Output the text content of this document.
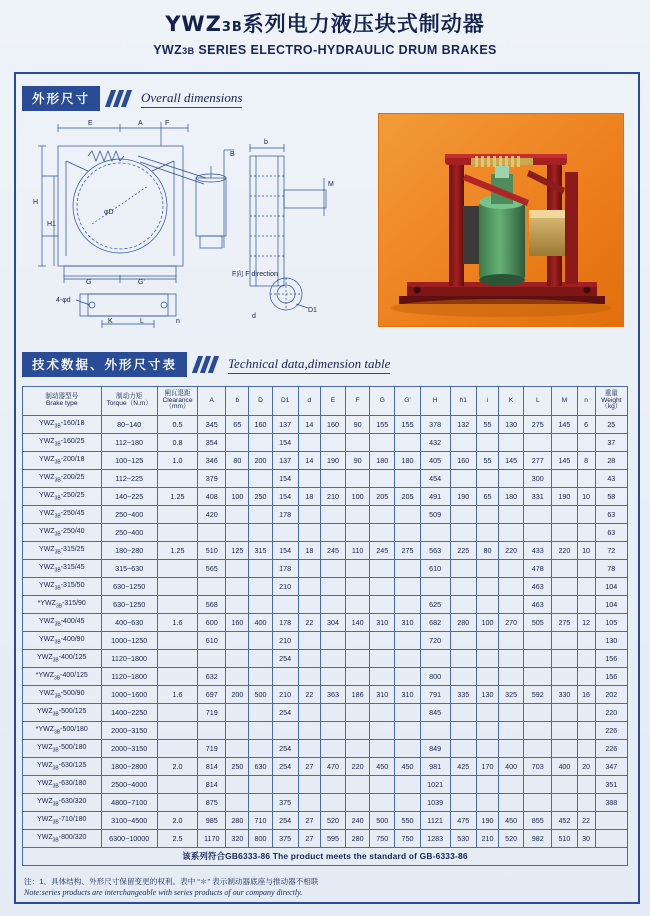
YWZ3B系列电力液压块式制动器
YWZ3B SERIES ELECTRO-HYDRAULIC DRUM BRAKES
外形尺寸	Overall dimensions
E	A	F
B
H
H1
φD
G	G'
4-φd
K	L	n
b
M
F向 F direction
D1
d
技术数据、外形尺寸表	Technical data,dimension table
制动器型号
Brake type	制动力矩
Torque（N.m）	闸瓦退距
Clearance（mm）	A	b	D	D1	d	E	F	G	G'	H	h1	i	K	L	M	n	重量
Weight（kg）

$YWZ_{3B}-160/18$	80~140	0.5	345	65	160	137	14	160	90	155	155	378	132	55	130	275	145	6	25
$YWZ_{3B}-160/25$	112~180	0.8	354			154						432							37
$YWZ_{3B}-200/18$	100~125	1.0	346	80	200	137	14	190	90	180	180	405	160	55	145	277	145	8	28
$YWZ_{3B}-200/25$	112~225		379			154						454				300			43
$YWZ_{3B}-250/25$	140~225	1.25	408	100	250	154	18	210	100	205	205	491	190	65	180	331	190	10	58
$YWZ_{3B}-250/45$	250~400		420			178						509							63
$YWZ_{3B}-250/40$	250~400																		63
$YWZ_{3B}-315/25$	180~280	1.25	510	125	315	154	18	245	110	245	275	563	225	80	220	433	220	10	72
$YWZ_{3B}-315/45$	315~630		565			178						610				478			78
$YWZ_{3B}-315/50$	630~1250					210										463			104
$*YWZ_{3B}-315/90$	630~1250		568									625				463			104
$YWZ_{3B}-400/45$	400~630	1.6	600	160	400	178	22	304	140	310	310	682	280	100	270	505	275	12	105
$YWZ_{3B}-400/90$	1000~1250		610			210						720							130
$YWZ_{3B}-400/125$	1120~1800					254													156
$*YWZ_{3B}-400/125$	1120~1800		632									800							156
$YWZ_{3B}-500/90$	1000~1600	1.6	697	200	500	210	22	363	186	310	310	791	335	130	325	592	330	16	202
$YWZ_{3B}-500/125$	1400~2250		719			254						845							220
$*YWZ_{3B}-500/180$	2000~3150																		226
$YWZ_{3B}-500/180$	2000~3150		719			254						849							226
$YWZ_{3B}-630/125$	1800~2800	2.0	814	250	630	254	27	470	220	450	450	981	425	170	400	703	400	20	347
$YWZ_{3B}-630/180$	2500~4000		814									1021							351
$YWZ_{3B}-630/320$	4800~7100		875			375						1039							388
$YWZ_{3B}-710/180$	3100~4500	2.0	985	280	710	254	27	520	240	500	550	1121	475	190	450	855	452	22	
$YWZ_{3B}-800/320$	6300~10000	2.5	1170	320	800	375	27	595	280	750	750	1283	530	210	520	982	510	30	
该系列符合GB6333-86 The product meets the standard of GB-6333-86																			
注：1、具体结构、外形尺寸保留变更的权利。表中 “＊” 表示制动器底座与推动器不相联
Note:series products are interchangeable with series products of our company directly.
